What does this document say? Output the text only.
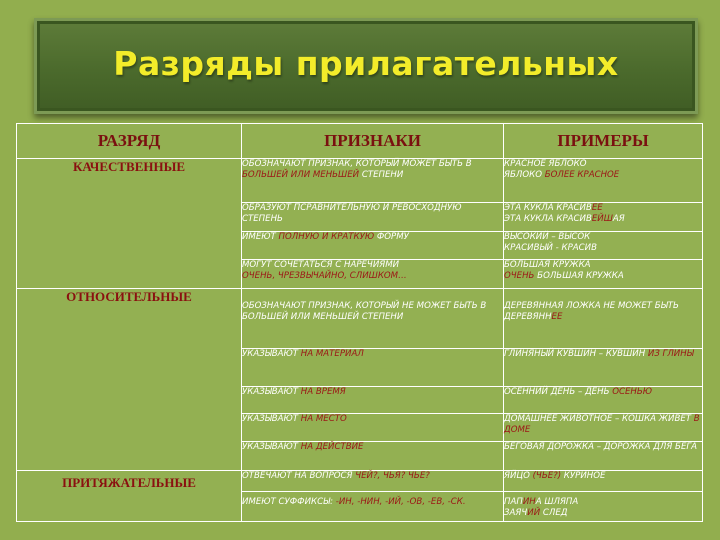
Разряды прилагательных
РАЗРЯД	ПРИЗНАКИ	ПРИМЕРЫ
КАЧЕСТВЕННЫЕ	ОБОЗНАЧАЮТ ПРИЗНАК, КОТОРЫЙ МОЖЕТ БЫТЬ В БОЛЬШЕЙ ИЛИ МЕНЬШЕЙ СТЕПЕНИ	КРАСНОЕ ЯБЛОКО
ЯБЛОКО БОЛЕЕ КРАСНОЕ
	ОБРАЗУЮТ ПСРАВНИТЕЛЬНУЮ И РЕВОСХОДНУЮ СТЕПЕНЬ	ЭТА КУКЛА КРАСИВЕЕ
ЭТА КУКЛА КРАСИВЕЙШАЯ
	ИМЕЮТ ПОЛНУЮ И КРАТКУЮ ФОРМУ	ВЫСОКИЙ – ВЫСОК
КРАСИВЫЙ - КРАСИВ
	МОГУТ СОЧЕТАТЬСЯ С НАРЕЧИЯМИ
ОЧЕНЬ, ЧРЕЗВЫЧАЙНО, СЛИШКОМ…	БОЛЬШАЯ КРУЖКА
ОЧЕНЬ БОЛЬШАЯ КРУЖКА
ОТНОСИТЕЛЬНЫЕ	ОБОЗНАЧАЮТ ПРИЗНАК, КОТОРЫЙ НЕ МОЖЕТ БЫТЬ В БОЛЬШЕЙ ИЛИ МЕНЬШЕЙ СТЕПЕНИ	ДЕРЕВЯННАЯ ЛОЖКА НЕ МОЖЕТ БЫТЬ ДЕРЕВЯННЕЕ
	УКАЗЫВАЮТ НА МАТЕРИАЛ	ГЛИНЯНЫЙ КУВШИН – КУВШИН ИЗ ГЛИНЫ
	УКАЗЫВАЮТ НА ВРЕМЯ	ОСЕННИЙ ДЕНЬ – ДЕНЬ ОСЕНЬЮ
	УКАЗЫВАЮТ НА МЕСТО	ДОМАШНЕЕ ЖИВОТНОЕ – КОШКА ЖИВЕТ В ДОМЕ
	УКАЗЫВАЮТ НА ДЕЙСТВИЕ	БЕГОВАЯ ДОРОЖКА – ДОРОЖКА ДЛЯ БЕГА
ПРИТЯЖАТЕЛЬНЫЕ	ОТВЕЧАЮТ НА ВОПРОСЯ ЧЕЙ?, ЧЬЯ? ЧЬЕ?	ЯЙЦО (ЧЬЕ?) КУРИНОЕ
	ИМЕЮТ СУФФИКСЫ: -ИН, -НИН, -ИЙ, -ОВ, -ЕВ, -СК.	ПАПИНА ШЛЯПА
ЗАЯЧИЙ СЛЕД
